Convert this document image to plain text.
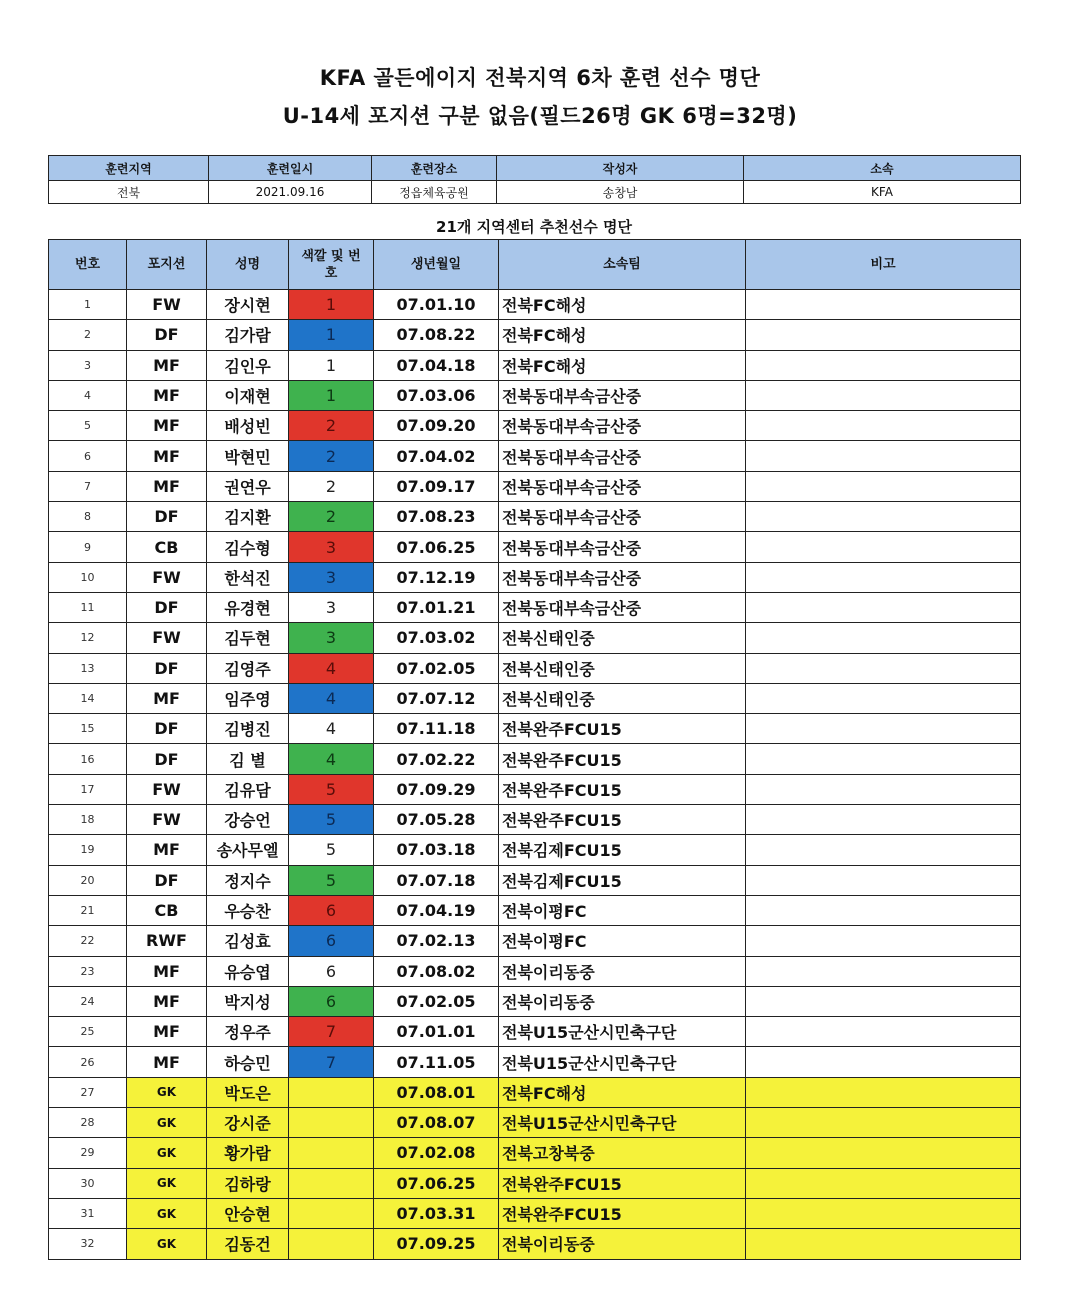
KFA 골든에이지 전북지역 6차 훈련 선수 명단
U-14세 포지션 구분 없음(필드26명 GK 6명=32명)
훈련지역	훈련일시	훈련장소	작성자	소속
전북	2021.09.16	정읍체육공원	송창남	KFA
21개 지역센터 추천선수 명단
번호	포지션	성명	색깔 및 번호	생년월일	소속팀	비고
1	FW	장시현	1	07.01.10	전북FC해성	
2	DF	김가람	1	07.08.22	전북FC해성	
3	MF	김인우	1	07.04.18	전북FC해성	
4	MF	이재현	1	07.03.06	전북동대부속금산중	
5	MF	배성빈	2	07.09.20	전북동대부속금산중	
6	MF	박현민	2	07.04.02	전북동대부속금산중	
7	MF	권연우	2	07.09.17	전북동대부속금산중	
8	DF	김지환	2	07.08.23	전북동대부속금산중	
9	CB	김수형	3	07.06.25	전북동대부속금산중	
10	FW	한석진	3	07.12.19	전북동대부속금산중	
11	DF	유경현	3	07.01.21	전북동대부속금산중	
12	FW	김두현	3	07.03.02	전북신태인중	
13	DF	김영주	4	07.02.05	전북신태인중	
14	MF	임주영	4	07.07.12	전북신태인중	
15	DF	김병진	4	07.11.18	전북완주FCU15	
16	DF	김 별	4	07.02.22	전북완주FCU15	
17	FW	김유담	5	07.09.29	전북완주FCU15	
18	FW	강승언	5	07.05.28	전북완주FCU15	
19	MF	송사무엘	5	07.03.18	전북김제FCU15	
20	DF	정지수	5	07.07.18	전북김제FCU15	
21	CB	우승찬	6	07.04.19	전북이평FC	
22	RWF	김성효	6	07.02.13	전북이평FC	
23	MF	유승엽	6	07.08.02	전북이리동중	
24	MF	박지성	6	07.02.05	전북이리동중	
25	MF	정우주	7	07.01.01	전북U15군산시민축구단	
26	MF	하승민	7	07.11.05	전북U15군산시민축구단	
27	GK	박도은		07.08.01	전북FC해성	
28	GK	강시준		07.08.07	전북U15군산시민축구단	
29	GK	황가람		07.02.08	전북고창북중	
30	GK	김하랑		07.06.25	전북완주FCU15	
31	GK	안승현		07.03.31	전북완주FCU15	
32	GK	김동건		07.09.25	전북이리동중	
